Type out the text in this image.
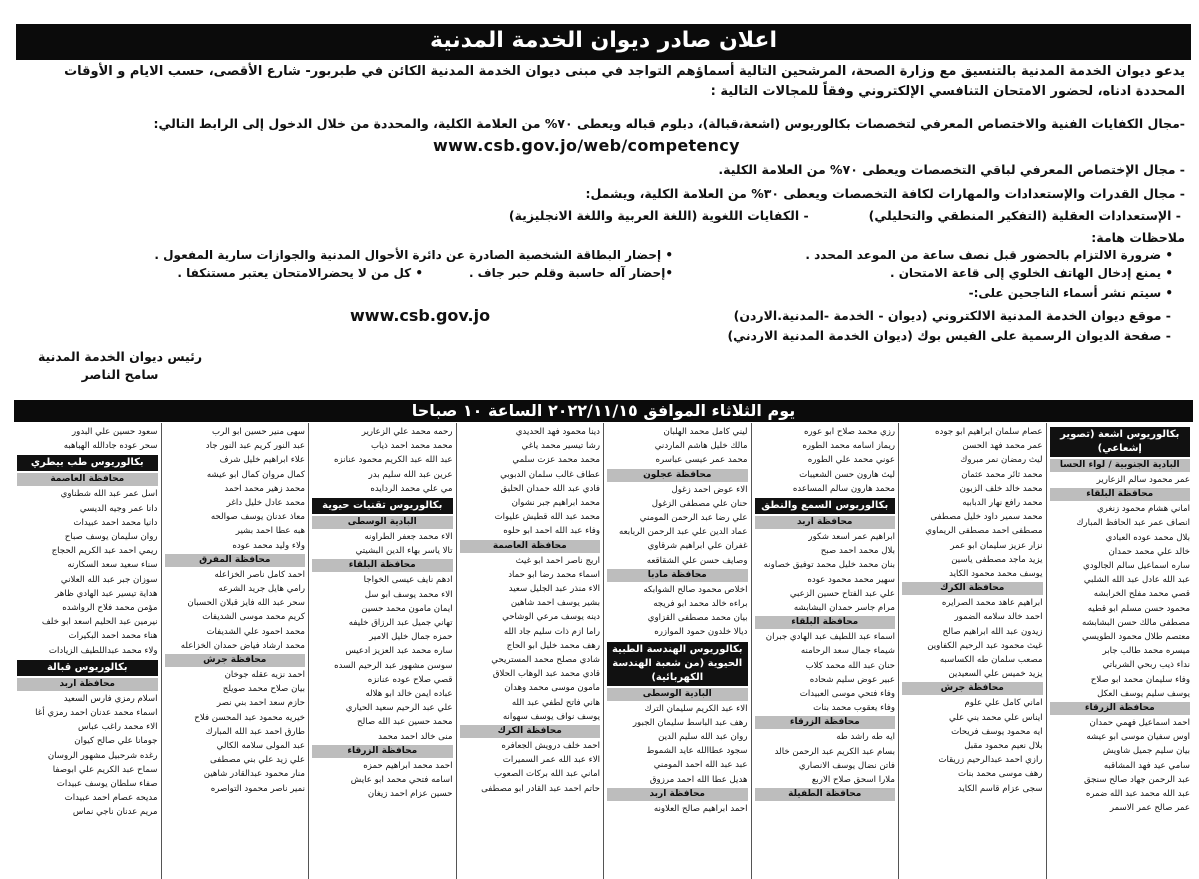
اعلان صادر ديوان الخدمة المدنية
يدعو ديوان الخدمة المدنية بالتنسيق مع وزارة الصحة، المرشحين التالية أسماؤهم التواجد في مبنى ديوان الخدمة المدنية الكائن في طبربور- شارع الأقصى، حسب الايام و الأوقات
المحددة ادناه، لحضور الامتحان التنافسي الإلكتروني وفقاً للمجالات التالية :
-مجال الكفايات الفنية والاختصاص المعرفي لتخصصات بكالوريوس (اشعة،قبالة)، دبلوم قباله ويعطى ٧٠% من العلامة الكلية، والمحددة من خلال الدخول إلى الرابط التالي:
www.csb.gov.jo/web/competency
- مجال الإختصاص المعرفي لباقي التخصصات ويعطى ٧٠% من العلامة الكلية.
- مجال القدرات والإستعدادات والمهارات لكافة التخصصات ويعطى ٣٠% من العلامة الكلية، ويشمل:
- الإستعدادات العقلية (التفكير المنطقي والتحليلي)
- الكفايات اللغوية (اللغة العربية واللغة الانجليزية)
ملاحظات هامة:
• ضرورة الالتزام بالحضور قبل نصف ساعة من الموعد المحدد .
• إحضار البطاقة الشخصية الصادرة عن دائرة الأحوال المدنية والجوازات سارية المفعول .
• يمنع إدخال الهاتف الخلوي إلى قاعة الامتحان .
•إحضار آله حاسبة وقلم حبر جاف .
• كل من لا يحضرالامتحان يعتبر مستنكفا .
• سيتم نشر أسماء الناجحين على:-
- موقع ديوان الخدمة المدنية الالكتروني (ديوان - الخدمة -المدنية.الاردن)
www.csb.gov.jo
- صفحة الديوان الرسمية على الفيس بوك (ديوان الخدمة المدنية الاردني)
رئيس ديوان الخدمة المدنية
سامح الناصر
يوم الثلاثاء الموافق ٢٠٢٢/١١/١٥ الساعة ١٠ صباحا
بكالوريوس اشعة (تصوير إشعاعي)
البادية الجنوبية / لواء الحسا
عمر محمود سالم الزعارير
محافظة البلقاء
اماني هشام محمود زنغري
انصاف عمر عبد الحافظ المبارك
بلال محمد عوده العبادي
خالد علي محمد حمدان
ساره اسماعيل سالم الجالودي
عبد الله عادل عبد الله الشلبي
قصي محمد مفلح الخرابشه
محمود حسن مسلم ابو قطيه
مصطفى مالك حسن البشابشه
معتصم طلال محمود الطويسي
ميسره محمد طالب جابر
نداء ذيب ربحي الشرباتي
وفاء سليمان محمد ابو صلاح
يوسف سليم يوسف العكل
محافظة الزرقاء
احمد اسماعيل فهمي حمدان
اوس سفيان موسى ابو عيشه
بيان سليم جميل شاويش
سامي عيد فهد المشاقبه
عبد الرحمن جهاد صالح سنجق
عبد الله محمد عبد الله ضمره
عمر صالح عمر الاسمر
عصام سلمان ابراهيم ابو جوده
عمر محمد فهد الحسن
ليث رمضان نمر مبروك
محمد ثائر محمد عثمان
محمد خالد خلف الزبون
محمد رافع نهار الدبابيه
محمد سمير داود خليل مصطفى
مصطفى احمد مصطفى الريماوي
نزار عزيز سليمان ابو عمر
يزيد ماجد مصطفى ياسين
يوسف محمد محمود الكايد
محافظة الكرك
ابراهيم عاهد محمد الصرايره
احمد خالد سلامه الضمور
زيدون عبد الله ابراهيم صالح
غيث محمود عبد الرحيم الكفاوين
مصعب سلمان طه الكساسبه
يزيد خميس علي السعيدين
محافظة جرش
اماني كامل علي علوم
ايناس علي محمد بني علي
ايه محمود يوسف فريحات
بلال نعيم محمود مقبل
رازي احمد عبدالرحيم زريقات
رهف موسى محمد بنات
سجى عزام قاسم الكايد
رزي محمد صلاح ابو عوره
ريماز اسامه محمد الطوره
عوني محمد علي الطوره
ليث هارون حسن الشعيبات
محمد هارون سالم المساعده
بكالوريوس السمع والنطق
محافظة اربد
ابراهيم عمر اسعد شكور
بلال محمد احمد صبح
بنان محمد خليل محمد توفيق خصاونه
سهير محمد محمود عوده
علي عبد الفتاح حسين الزعبي
مرام جاسر حمدان البشابشه
محافظة البلقاء
اسماء عبد اللطيف عبد الهادي جبران
شيماء جمال سعد الرحامنه
حنان عبد الله محمد كلاب
عبير عوض سليم شحاده
وفاء فتحي موسى العبيدات
وفاء يعقوب محمد بنات
محافظة الزرقاء
ايه طه راشد طه
بسام عبد الكريم عبد الرحمن خالد
فاتن نضال يوسف الانصاري
ملارا اسحق صلاح الاربع
محافظة الطفيلة
ليني كامل محمد الهلبان
مالك خليل هاشم الماردني
محمد عمر عيسى عباسره
محافظة عجلون
الاء عوض احمد زغول
حنان علي مصطفى الزغول
علي رضا عبد الرحمن المومني
عماد الدين علي عبد الرحمن الربابعه
غفران علي ابراهيم شرقاوي
وصايف حسن علي الشقاقعه
محافظة مادبا
اخلاص محمود صالح الشوابكه
براءه خالد محمد ابو فريجه
بيان محمد مصطفى القزاوي
ديالا خلدون حمود الموازره
بكالوريوس الهندسة الطبية الحيوية (من شعبة الهندسة الكهربائية)
البادية الوسطى
الاء عبد الكريم سليمان الترك
رهف عبد الباسط سليمان الجبور
روان عبد الله سليم الدين
سجود عطاالله عايد الشموط
عبد عبد الله احمد المومني
هديل عطا الله احمد مرزوق
محافظة اربد
احمد ابراهيم صالح العلاونه
دينا محمود فهد الحديدي
رشا تيسير محمد ياغي
محمد محمد عزت سلمي
عطاف غالب سلمان الدبوبي
فادي عبد الله حمدان الحليق
محمد ابراهيم جبر نشوان
محمد عبد الله قطيش عليوات
وفاء عبد الله احمد ابو حلوه
محافظة العاصمة
اريج ناصر احمد ابو غيث
اسماء محمد رضا ابو حماد
الاء منذر عبد الجليل سعيد
بشير يوسف احمد شاهين
دينه يوسف مرعي الوشاحي
راما ازم ذات سليم جاد الله
رهف محمد خليل ابو الحاج
شادي مصلح محمد المستريحي
قادي محمد عبد الوهاب الحلاق
مامون موسى محمد وهدان
هاني فاتح لطفي عبد الله
يوسف نواف يوسف سهوانه
محافظة الكرك
احمد خلف درويش الجعافره
الاء عبد الله عمر السميرات
اماني عبد الله بركات الصعوب
حاتم احمد عبد القادر ابو مصطفى
رحمه محمد علي الزعارير
محمد محمد احمد ذياب
عبد الله عبد الكريم محمود عنانزه
عرين عبد الله سليم بدر
مي علي محمد الردايده
بكالوريوس تقنيات حيوية
البادية الوسطى
الاء محمد جعفر الطراونه
تالا ياسر بهاء الدين البشيتي
محافظة البلقاء
ادهم نايف عيسى الخواجا
الاء محمد يوسف ابو سل
ايمان مامون محمد حسين
تهاني جميل عبد الرزاق خليفه
حمزه جمال خليل الامير
ساره محمد عبد العزيز ادعيس
سوسن مشهور عبد الرحيم السده
قصي صلاح عوده عنانزه
عباده ايمن خالد ابو هلاله
علي عبد الرحيم سعيد الحياري
محمد حسين عبد الله صالح
منى خالد احمد محمد
محافظة الزرقاء
احمد محمد ابراهيم حمزه
اسامه فتحي محمد ابو عايش
حسين عزام احمد زيغان
سهى منير حسين ابو الرب
عبد النور كريم عبد النور جاد
علاء ابراهيم خليل شرف
كمال مروان كمال ابو عيشه
محمد زهير محمد احمد
محمد عادل خليل داغر
معاذ عدنان يوسف صوالحه
هبه عطا احمد بشير
ولاء وليد محمد عوده
محافظة المفرق
احمد كامل ناصر الخزاعله
رامي هايل جريد الشرعه
سحر عبد الله فايز قبلان الحسبان
كريم محمد موسى الشديفات
محمد احمود علي الشديفات
محمد ارشاد فياض حمدان الخزاعله
محافظة جرش
احمد نزيه عقله جوخان
بيان صلاح محمد صويلح
حازم سعد احمد بني نصر
خيريه محمود عبد المحسن فلاح
طارق احمد عبد الله المبارك
عبد المولى سلامه الكالي
علي زيد علي بني مصطفى
منار محمود عبدالقادر شاهين
نمير ناصر محمود التواصره
سعود حسين علي البدور
سحر عوده جادالله الهباهبه
بكالوريوس طب بيطري
محافظة العاصمة
اسل عمر عبد الله شطناوي
دانا عمر وجيه الديسي
دانيا محمد احمد عبيدات
روان سليمان يوسف صباح
ريمي احمد عبد الكريم الحجاج
سناء سعيد سعد السكارنه
سوزان جبر عبد الله العلاني
هداية تيسير عبد الهادي ظاهر
مؤمن محمد فلاح الرواشده
نيرمين عبد الحليم اسعد ابو خلف
هناء محمد احمد البكيرات
ولاء محمد عبداللطيف الزيادات
بكالوريوس قبالة
محافظة اربد
اسلام رمزي فارس السعيد
اسماء محمد عدنان احمد رمزي أغا
الاء محمد راغب عباس
جومانا علي صالح كيوان
رغده شرحبيل مشهور الروسان
سماح عبد الكريم علي ابوصفا
صفاء سلطان يوسف عبيدات
مديحه عصام احمد عبيدات
مريم عدنان ناجي نماس
